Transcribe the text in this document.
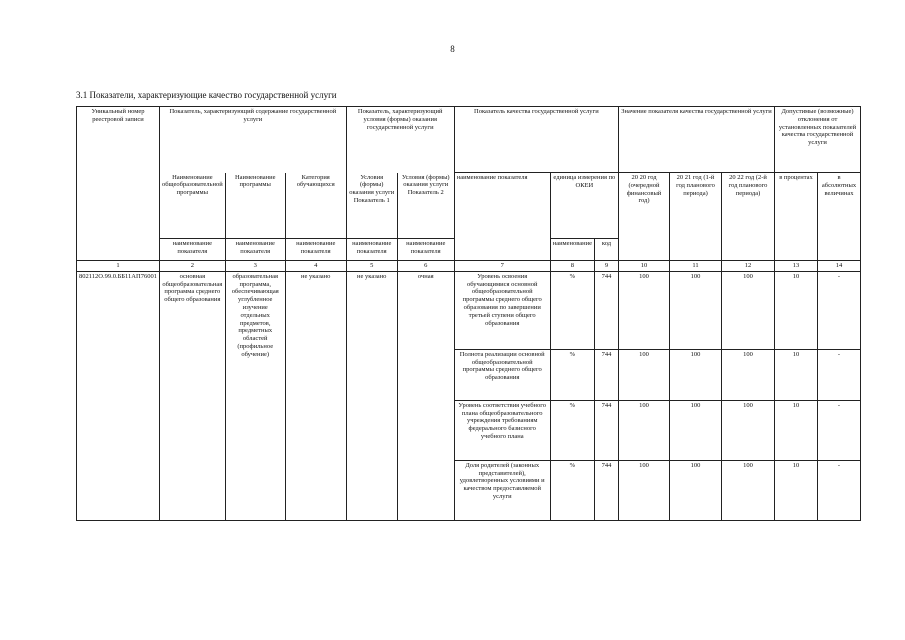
8
3.1 Показатели, характеризующие качество государственной услуги
Уникальный номер реестровой записи	Показатель, характеризующий содержание государственной услуги			Показатель, характеризующий условия (формы) оказания государственной услуги		Показатель качества государственной услуги			Значение показателя качества государственной услуги			Допустимые (возможные) отклонения от установленных показателей качества государственной услуги	
	Наименование общеобразовательной программы	Наименование программы	Категория обучающихся	Условия (формы) оказания услуги Показатель 1	Условия (формы) оказания услуги Показатель 2	наименование показателя	единица измерения по ОКЕИ		20 20 год (очередной финансовый год)	20 21 год (1-й год планового периода)	20 22 год (2-й год планового периода)	в процентах	в абсолютных величинах
	наименование показателя	наименование показателя	наименование показателя	наименование показателя	наименование показателя		наименование	код					
1	2	3	4	5	6	7	8	9	10	11	12	13	14
802112О.99.0.ББ11АП76001	основная общеобразовательная программа среднего общего образования	образовательная программа, обеспечивающая углубленное изучение отдельных предметов, предметных областей (профильное обучение)	не указано	не указано	очная	Уровень освоения обучающимися основной общеобразовательной программы среднего общего образования по завершении третьей ступени общего образования	%	744	100	100	100	10	-
						Полнота реализации основной общеобразовательной программы среднего общего образования	%	744	100	100	100	10	-
						Уровень соответствия учебного плана общеобразовательного учреждения требованиям федерального базисного учебного плана	%	744	100	100	100	10	-
						Доля родителей (законных представителей), удовлетворенных условиями и качеством предоставляемой услуги	%	744	100	100	100	10	-
